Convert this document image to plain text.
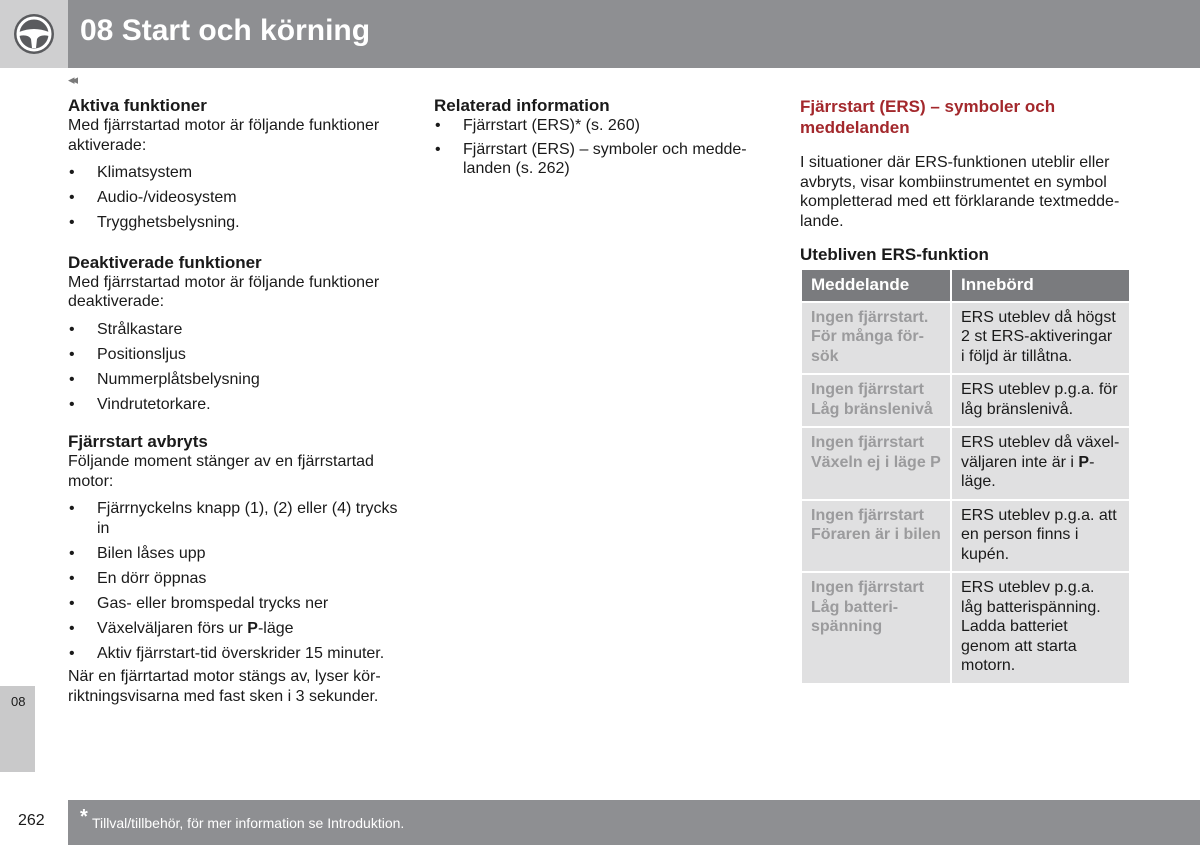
08 Start och körning
◂◂
Aktiva funktioner

Med fjärrstartad motor är följande funktioner aktiverade:

• Klimatsystem
• Audio-/videosystem
• Trygghetsbelysning.
Deaktiverade funktioner

Med fjärrstartad motor är följande funktioner deaktiverade:

• Strålkastare
• Positionsljus
• Nummerplåtsbelysning
• Vindrutetorkare.
Fjärrstart avbryts

Följande moment stänger av en fjärrstartad motor:

• Fjärrnyckelns knapp (1), (2) eller (4) trycks in
• Bilen låses upp
• En dörr öppnas
• Gas- eller bromspedal trycks ner
• Växelväljaren förs ur P-läge
• Aktiv fjärrstart-tid överskrider 15 minuter.

När en fjärrtartad motor stängs av, lyser kör-riktningsvisarna med fast sken i 3 sekunder.

Relaterad information
• Fjärrstart (ERS)* (s. 260)
• Fjärrstart (ERS) – symboler och medde-landen (s. 262)
Fjärrstart (ERS) – symboler och meddelanden

I situationer där ERS-funktionen uteblir eller avbryts, visar kombiinstrumentet en symbol kompletterad med ett förklarande textmedde-lande.

Utebliven ERS-funktion
Meddelande	Innebörd
Ingen fjärrstart. För många för-sök	ERS uteblev då högst 2 st ERS-aktiveringar i följd är tillåtna.
Ingen fjärrstart Låg bränslenivå	ERS uteblev p.g.a. för låg bränslenivå.
Ingen fjärrstart Växeln ej i läge P	ERS uteblev då växel-väljaren inte är i P-läge.
Ingen fjärrstart Föraren är i bilen	ERS uteblev p.g.a. att en person finns i kupén.
Ingen fjärrstart Låg batteri-spänning	ERS uteblev p.g.a. låg batterispänning. Ladda batteriet genom att starta motorn.
08
262 * Tillval/tillbehör, för mer information se Introduktion.
